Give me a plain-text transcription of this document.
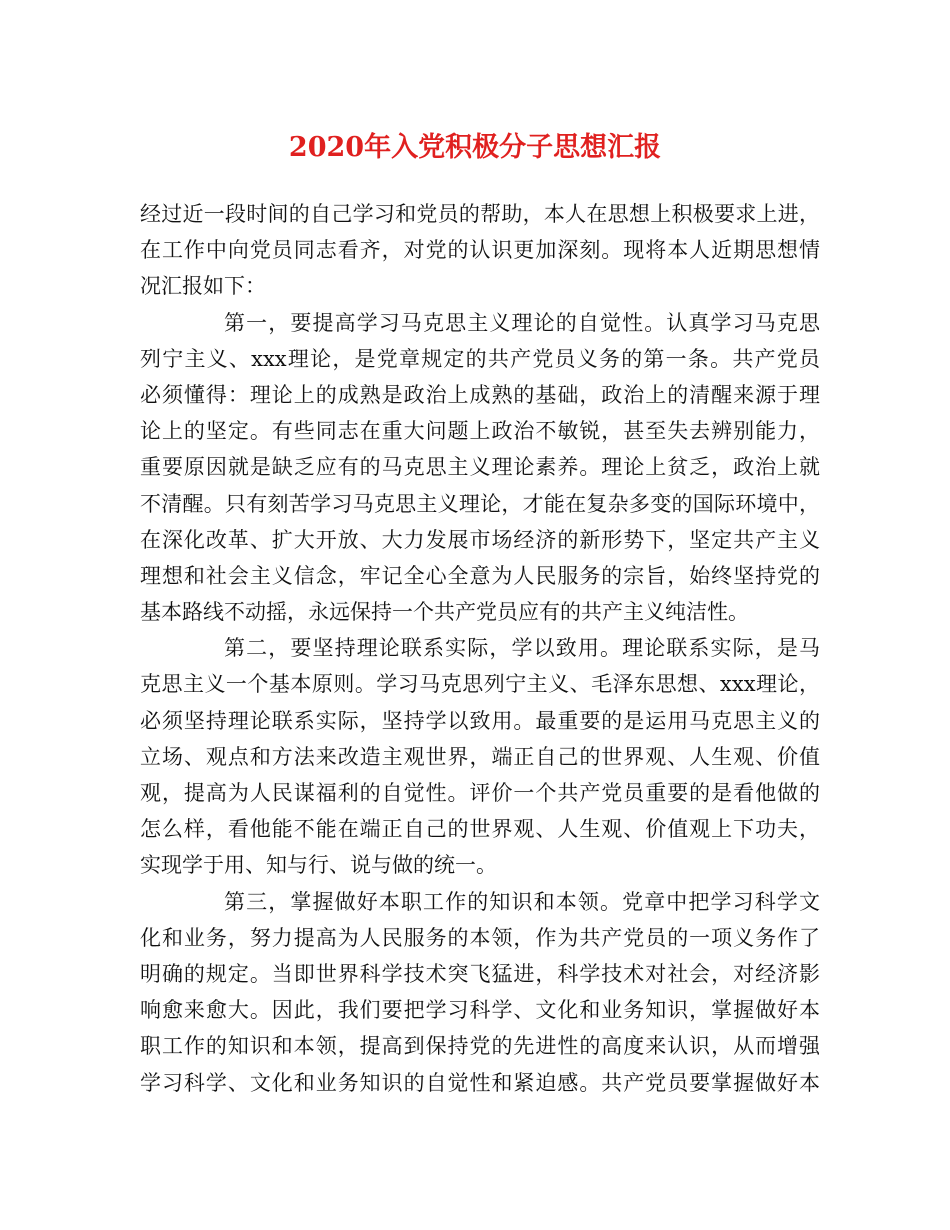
2020年入党积极分子思想汇报
经过近一段时间的自己学习和党员的帮助，本人在思想上积极要求上进，
在工作中向党员同志看齐，对党的认识更加深刻。现将本人近期思想情
况汇报如下：
第一，要提高学习马克思主义理论的自觉性。认真学习马克思
列宁主义、xxx理论，是党章规定的共产党员义务的第一条。共产党员
必须懂得：理论上的成熟是政治上成熟的基础，政治上的清醒来源于理
论上的坚定。有些同志在重大问题上政治不敏锐，甚至失去辨别能力，
重要原因就是缺乏应有的马克思主义理论素养。理论上贫乏，政治上就
不清醒。只有刻苦学习马克思主义理论，才能在复杂多变的国际环境中，
在深化改革、扩大开放、大力发展市场经济的新形势下，坚定共产主义
理想和社会主义信念，牢记全心全意为人民服务的宗旨，始终坚持党的
基本路线不动摇，永远保持一个共产党员应有的共产主义纯洁性。
第二，要坚持理论联系实际，学以致用。理论联系实际，是马
克思主义一个基本原则。学习马克思列宁主义、毛泽东思想、xxx理论，
必须坚持理论联系实际，坚持学以致用。最重要的是运用马克思主义的
立场、观点和方法来改造主观世界，端正自己的世界观、人生观、价值
观，提高为人民谋福利的自觉性。评价一个共产党员重要的是看他做的
怎么样，看他能不能在端正自己的世界观、人生观、价值观上下功夫，
实现学于用、知与行、说与做的统一。
第三，掌握做好本职工作的知识和本领。党章中把学习科学文
化和业务，努力提高为人民服务的本领，作为共产党员的一项义务作了
明确的规定。当即世界科学技术突飞猛进，科学技术对社会，对经济影
响愈来愈大。因此，我们要把学习科学、文化和业务知识，掌握做好本
职工作的知识和本领，提高到保持党的先进性的高度来认识，从而增强
学习科学、文化和业务知识的自觉性和紧迫感。共产党员要掌握做好本
